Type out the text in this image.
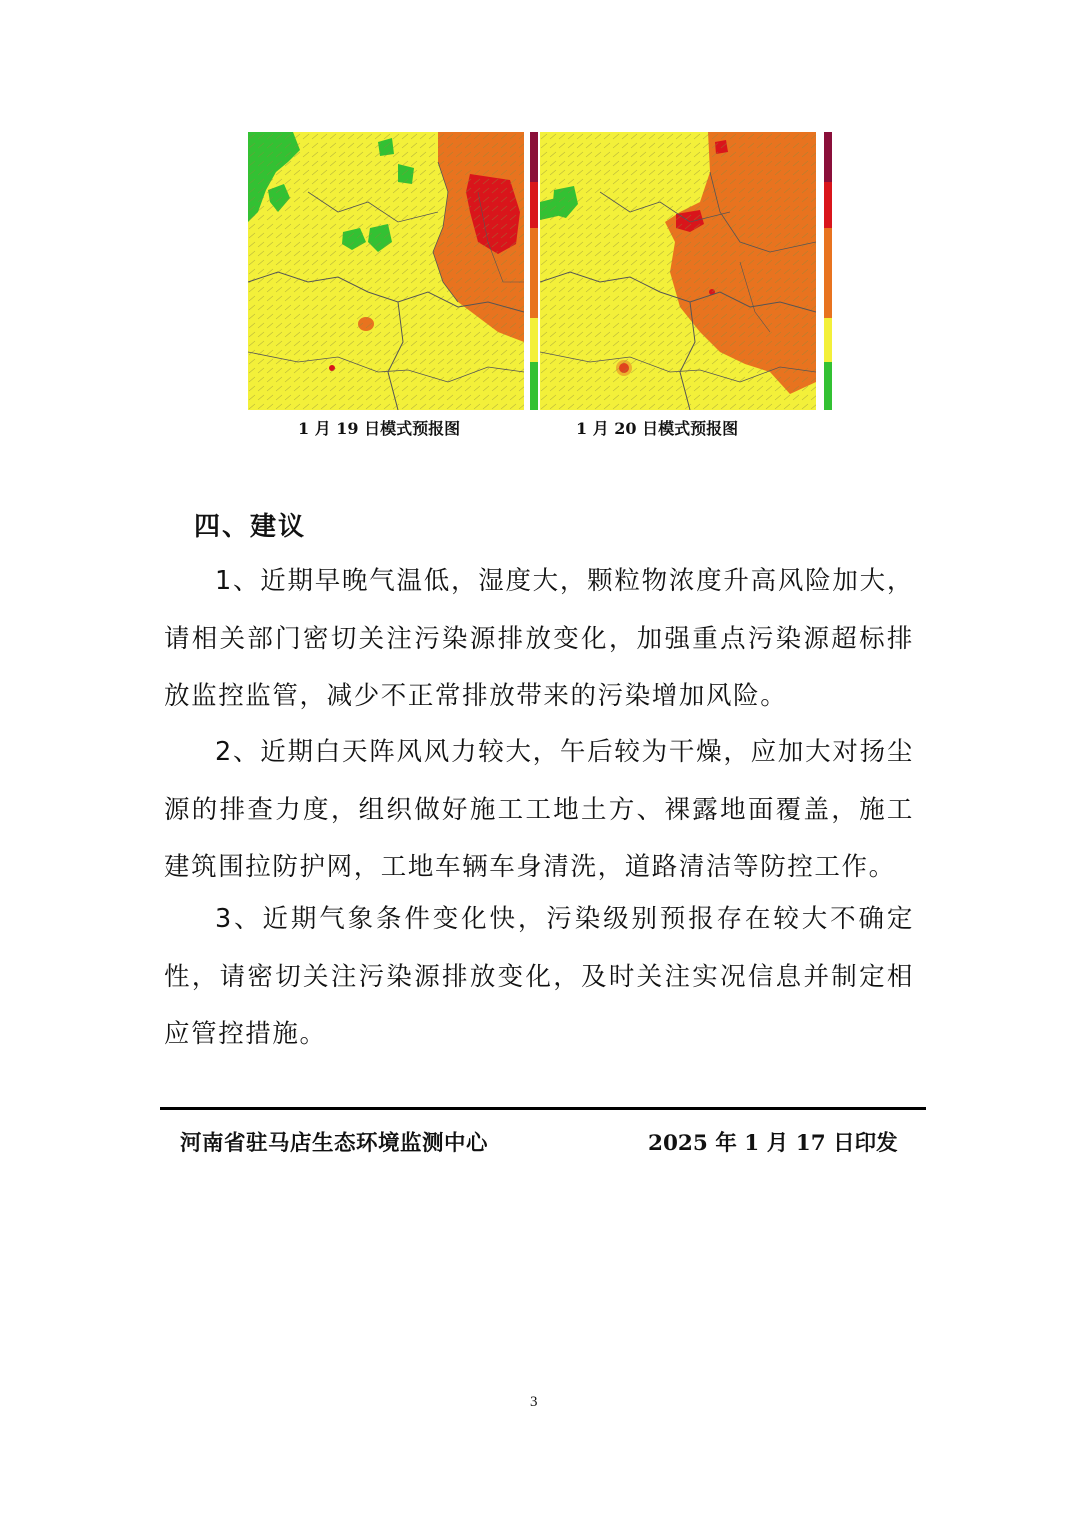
1 月 19 日模式预报图	1 月 20 日模式预报图
四、建议

1、近期早晚气温低，湿度大，颗粒物浓度升高风险加大，请相关部门密切关注污染源排放变化，加强重点污染源超标排放监控监管，减少不正常排放带来的污染增加风险。

2、近期白天阵风风力较大，午后较为干燥，应加大对扬尘源的排查力度，组织做好施工工地土方、裸露地面覆盖，施工建筑围拉防护网，工地车辆车身清洗，道路清洁等防控工作。

3、近期气象条件变化快，污染级别预报存在较大不确定性，请密切关注污染源排放变化，及时关注实况信息并制定相应管控措施。

河南省驻马店生态环境监测中心	2025 年 1 月 17 日印发
3
